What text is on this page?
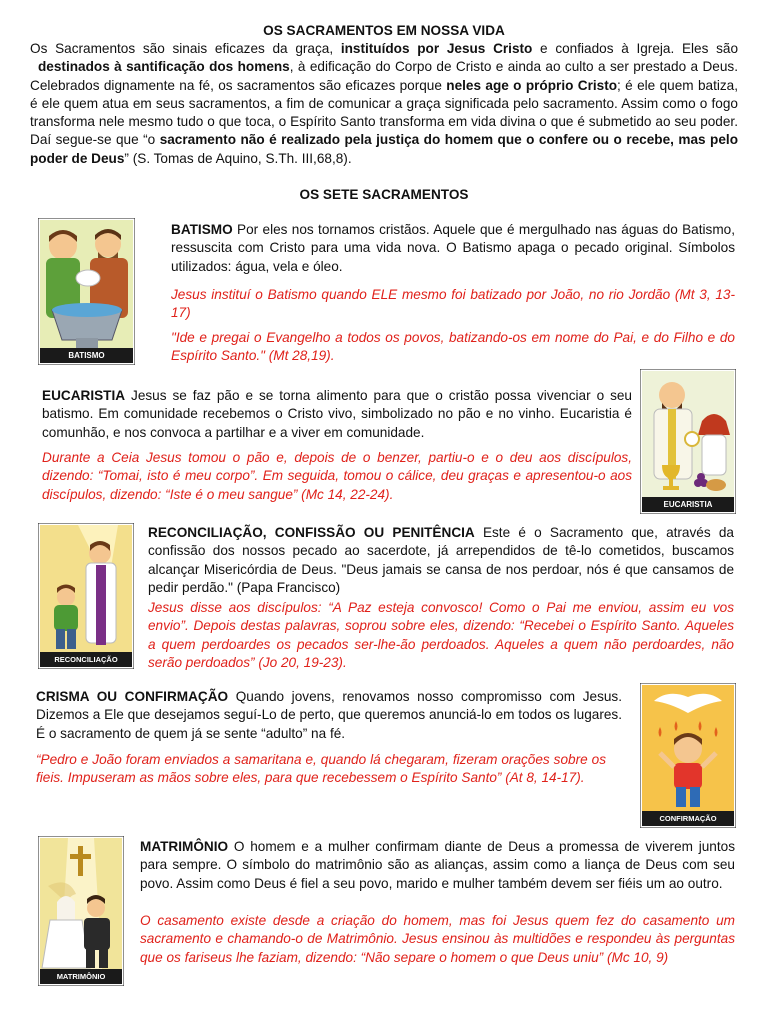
OS SACRAMENTOS EM NOSSA VIDA

Os Sacramentos são sinais eficazes da graça, instituídos por Jesus Cristo e confiados à Igreja. Eles são destinados à santificação dos homens, à edificação do Corpo de Cristo e ainda ao culto a ser prestado a Deus. Celebrados dignamente na fé, os sacramentos são eficazes porque neles age o próprio Cristo; é ele quem batiza, é ele quem atua em seus sacramentos, a fim de comunicar a graça significada pelo sacramento. Assim como o fogo transforma nele mesmo tudo o que toca, o Espírito Santo transforma em vida divina o que é submetido ao seu poder. Daí segue-se que “o sacramento não é realizado pela justiça do homem que o confere ou o recebe, mas pelo poder de Deus” (S. Tomas de Aquino, S.Th. III,68,8).

OS SETE SACRAMENTOS
BATISMO

BATISMO Por eles nos tornamos cristãos. Aquele que é mergulhado nas águas do Batismo, ressuscita com Cristo para uma vida nova. O Batismo apaga o pecado original. Símbolos utilizados: água, vela e óleo.

Jesus instituí o Batismo quando ELE mesmo foi batizado por João, no rio Jordão (Mt 3, 13-17)

"Ide e pregai o Evangelho a todos os povos, batizando-os em nome do Pai, e do Filho e do Espírito Santo." (Mt 28,19).

EUCARISTIA Jesus se faz pão e se torna alimento para que o cristão possa vivenciar o seu batismo. Em comunidade recebemos o Cristo vivo, simbolizado no pão e no vinho. Eucaristia é comunhão, e nos convoca a partilhar e a viver em comunidade.

Durante a Ceia Jesus tomou o pão e, depois de o benzer, partiu-o e o deu aos discípulos, dizendo: “Tomai, isto é meu corpo”. Em seguida, tomou o cálice, deu graças e apresentou-o aos discípulos, dizendo: “Iste é o meu sangue” (Mc 14, 22-24).

EUCARISTIA
RECONCILIAÇÃO

RECONCILIAÇÃO, CONFISSÃO OU PENITÊNCIA Este é o Sacramento que, através da confissão dos nossos pecado ao sacerdote, já arrependidos de tê-lo cometidos, buscamos alcançar Misericórdia de Deus. "Deus jamais se cansa de nos perdoar, nós é que cansamos de pedir perdão." (Papa Francisco)

Jesus disse aos discípulos: “A Paz esteja convosco! Como o Pai me enviou, assim eu vos envio”. Depois destas palavras, soprou sobre eles, dizendo: “Recebei o Espírito Santo. Aqueles a quem perdoardes os pecados ser-lhe-ão perdoados. Aqueles a quem não perdoardes, não serão perdoados” (Jo 20, 19-23).

CRISMA OU CONFIRMAÇÃO Quando jovens, renovamos nosso compromisso com Jesus. Dizemos a Ele que desejamos seguí-Lo de perto, que queremos anunciá-lo em todos os lugares. É o sacramento de quem já se sente “adulto” na fé.

“Pedro e João foram enviados a samaritana e, quando lá chegaram, fizeram orações sobre os fieis. Impuseram as mãos sobre eles, para que recebessem o Espírito Santo” (At 8, 14-17).

CONFIRMAÇÃO
MATRIMÔNIO

MATRIMÔNIO O homem e a mulher confirmam diante de Deus a promessa de viverem juntos para sempre. O símbolo do matrimônio são as alianças, assim como a liança de Deus com seu povo. Assim como Deus é fiel a seu povo, marido e mulher também devem ser fiéis um ao outro.

O casamento existe desde a criação do homem, mas foi Jesus quem fez do casamento um sacramento e chamando-o de Matrimônio. Jesus ensinou às multidões e respondeu às perguntas que os fariseus lhe faziam, dizendo: “Não separe o homem o que Deus uniu” (Mc 10, 9)
